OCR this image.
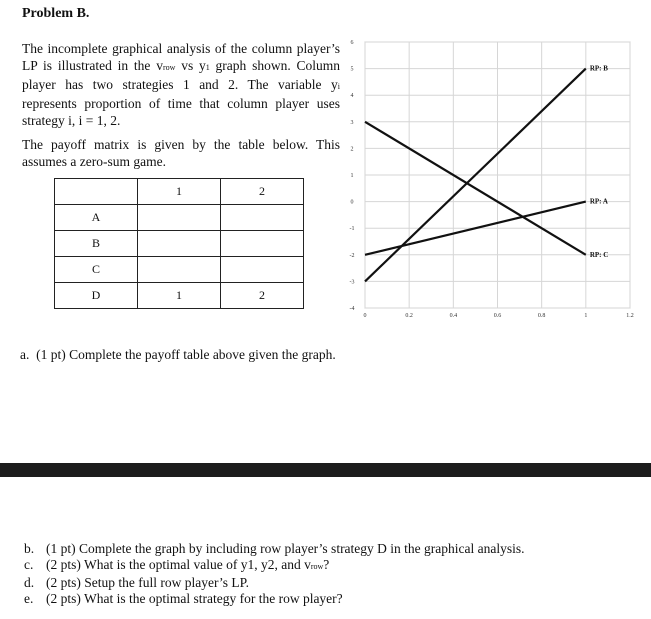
Problem B.
The incomplete graphical analysis of the column player’s
LP is illustrated in the vrow vs y1 graph shown. Column
player has two strategies 1 and 2. The variable yi
represents proportion of time that column player uses
strategy i, i = 1, 2.
The payoff matrix is given by the table below. This
assumes a zero-sum game.
	1	2
A		
B		
C		
D	1	2
0	0.2	0.4	0.6	0.8	1	1.2
6
5
4
3
2
1
0
-1
-2
-3
-4
RP: B
RP: A
RP: C
a. (1 pt) Complete the payoff table above given the graph.
b. (1 pt) Complete the graph by including row player’s strategy D in the graphical analysis.
c. (2 pts) What is the optimal value of y1, y2, and vrow?
d. (2 pts) Setup the full row player’s LP.
e. (2 pts) What is the optimal strategy for the row player?
